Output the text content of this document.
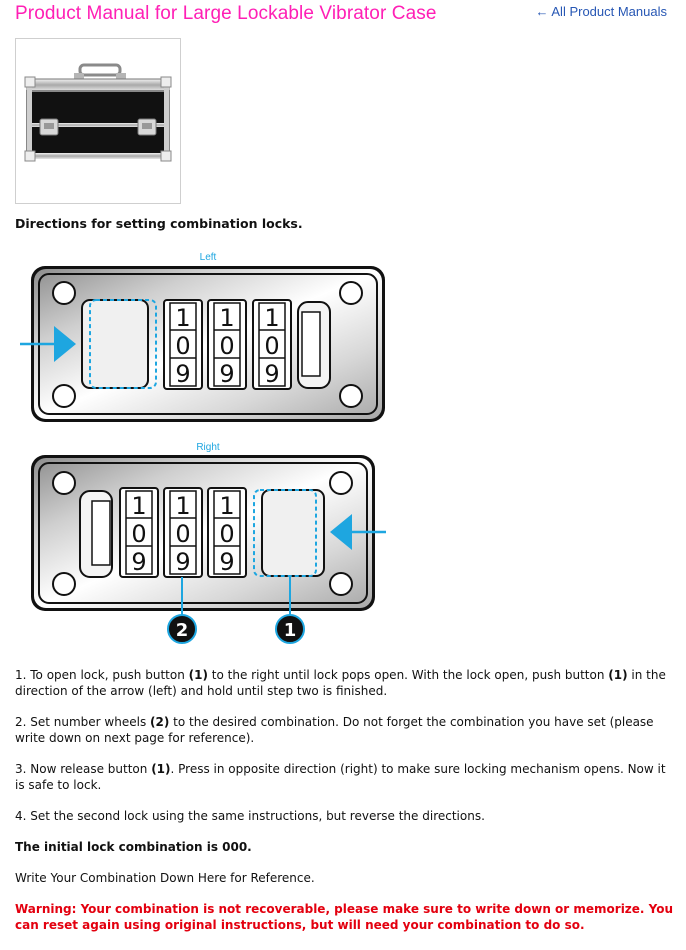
Product Manual for Large Lockable Vibrator Case	← All Product Manuals
Directions for setting combination locks.
Left
1
0
9
1
0
9
1
0
9
Right
1
0
9
1
0
9
1
0
9
2	1

1. To open lock, push button (1) to the right until lock pops open. With the lock open, push button (1) in the direction of the arrow (left) and hold until step two is finished.

2. Set number wheels (2) to the desired combination. Do not forget the combination you have set (please write down on next page for reference).

3. Now release button (1). Press in opposite direction (right) to make sure locking mechanism opens. Now it is safe to lock.

4. Set the second lock using the same instructions, but reverse the directions.

The initial lock combination is 000.

Write Your Combination Down Here for Reference.

Warning: Your combination is not recoverable, please make sure to write down or memorize. You can reset again using original instructions, but will need your combination to do so.
